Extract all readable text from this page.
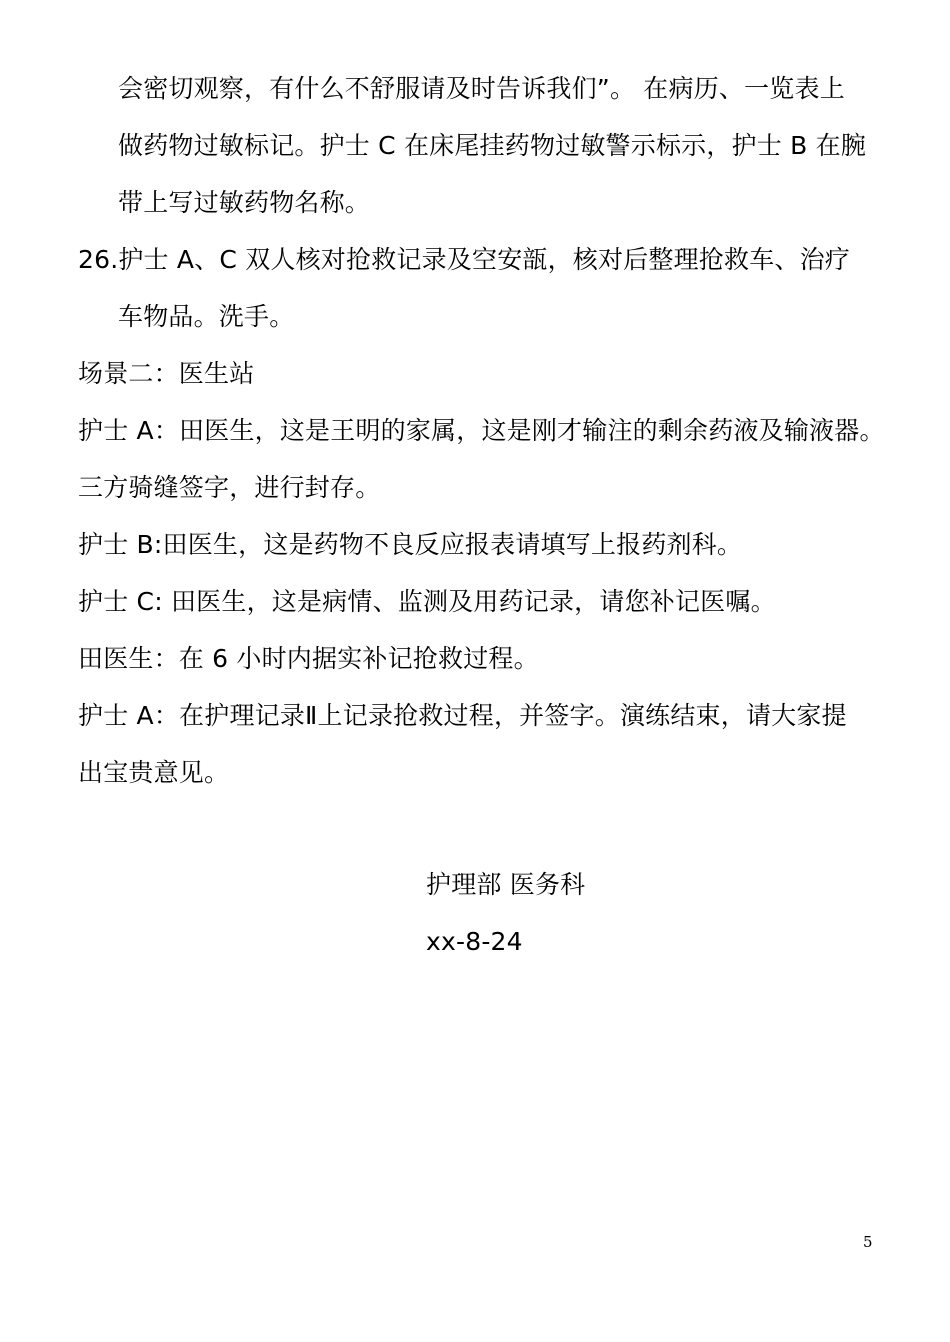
会密切观察，有什么不舒服请及时告诉我们”。 在病历、一览表上
做药物过敏标记。护士 C 在床尾挂药物过敏警示标示，护士 B 在腕
带上写过敏药物名称。
26.护士 A、C 双人核对抢救记录及空安瓿，核对后整理抢救车、治疗
车物品。洗手。
场景二：医生站
护士 A：田医生，这是王明的家属，这是刚才输注的剩余药液及输液器。
三方骑缝签字，进行封存。
护士 B:田医生，这是药物不良反应报表请填写上报药剂科。
护士 C: 田医生，这是病情、监测及用药记录，请您补记医嘱。
田医生：在 6 小时内据实补记抢救过程。
护士 A：在护理记录Ⅱ上记录抢救过程，并签字。演练结束，请大家提
出宝贵意见。
护理部 医务科
xx-8-24
5
